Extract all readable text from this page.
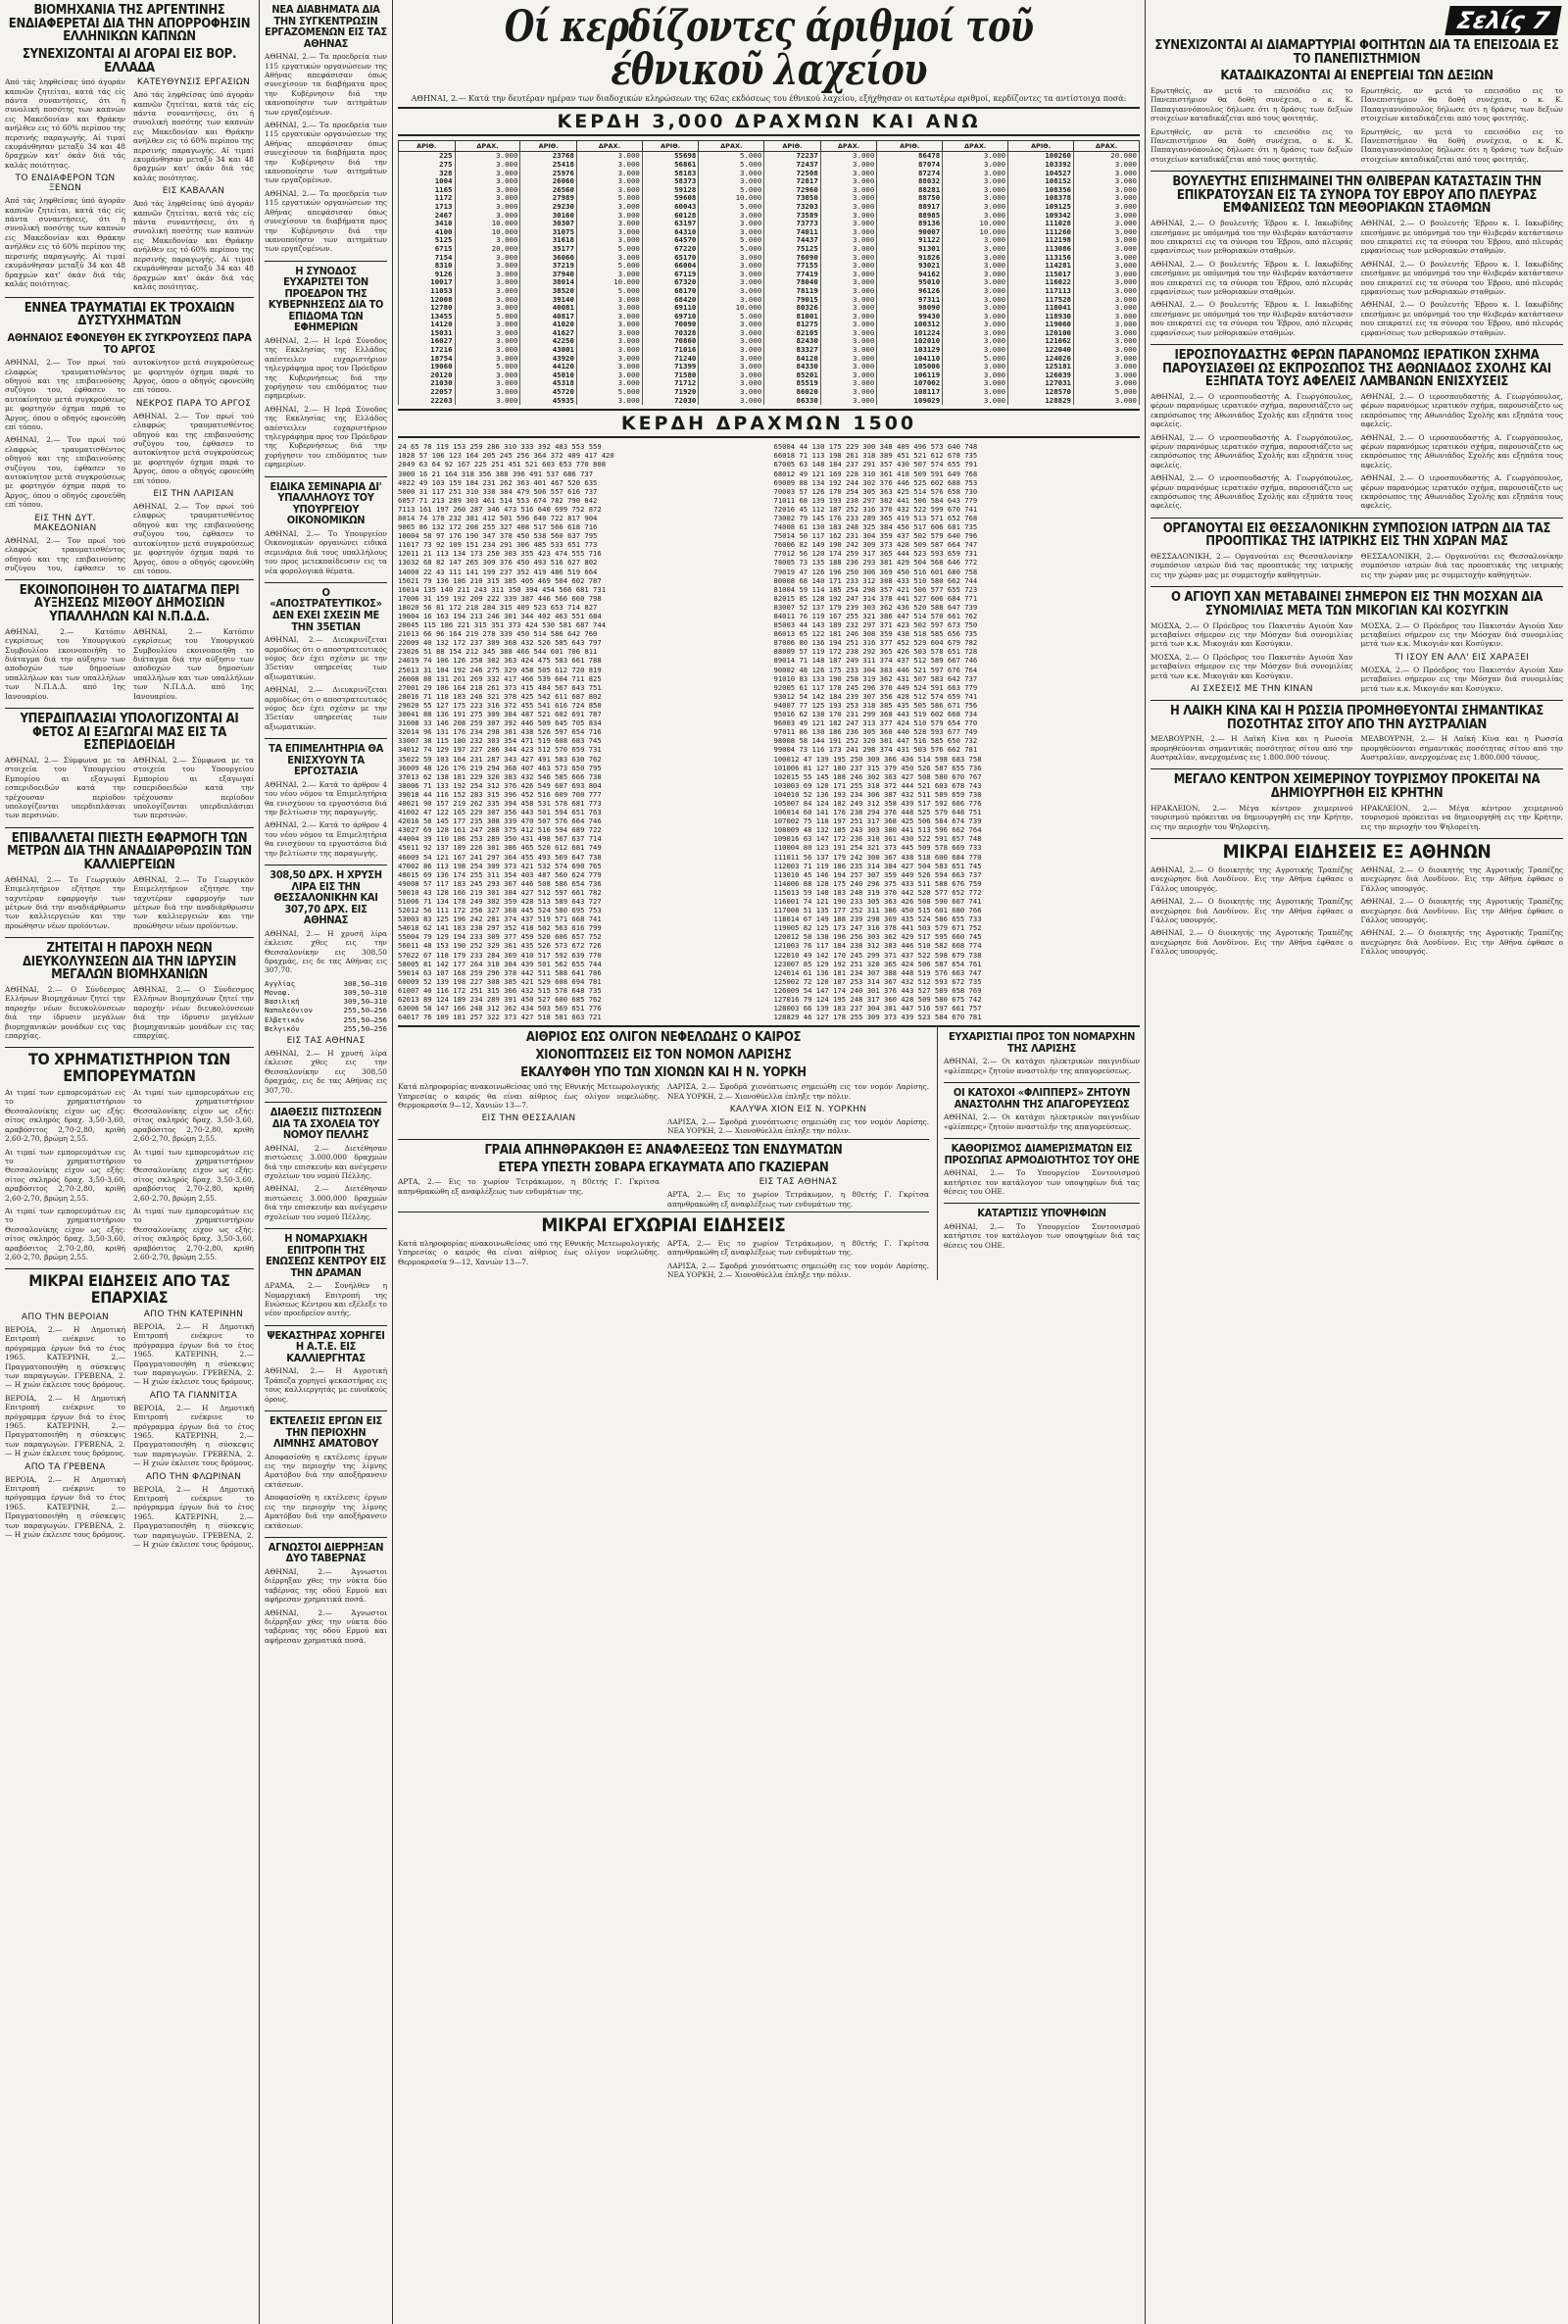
ΒΙΟΜΗΧΑΝΙΑ ΤΗΣ ΑΡΓΕΝΤΙΝΗΣ ΕΝΔΙΑΦΕΡΕΤΑΙ ΔΙΑ ΤΗΝ ΑΠΟΡΡΟΦΗΣΙΝ ΕΛΛΗΝΙΚΩΝ ΚΑΠΝΩΝ
ΣΥΝΕΧΙΖΟΝΤΑΙ ΑΙ ΑΓΟΡΑΙ ΕΙΣ ΒΟΡ. ΕΛΛΑΔΑ

Από τάς ληφθείσας ύπό άγοράν καπνῶν ζητείται, κατά τάς είς πάντα συναντήσεις, ότι ή συνολική ποσότης των καπνών εις Μακεδονίαν και Θράκην ανήλθεν εις τό 60% περίπου της περσινής παραγωγής. Αί τιμαί εκυμάνθησαν μεταξύ 34 και 48 δραχμών κατ' όκάν διά τάς καλάς ποιότητας.

ΤΟ ΕΝΔΙΑΦΕΡΟΝ ΤΩΝ ΞΕΝΩΝ

Από τάς ληφθείσας ύπό άγοράν καπνῶν ζητείται, κατά τάς είς πάντα συναντήσεις, ότι ή συνολική ποσότης των καπνών εις Μακεδονίαν και Θράκην ανήλθεν εις τό 60% περίπου της περσινής παραγωγής. Αί τιμαί εκυμάνθησαν μεταξύ 34 και 48 δραχμών κατ' όκάν διά τάς καλάς ποιότητας.

ΚΑΤΕΥΘΥΝΣΙΣ ΕΡΓΑΣΙΩΝ

Από τάς ληφθείσας ύπό άγοράν καπνῶν ζητείται, κατά τάς είς πάντα συναντήσεις, ότι ή συνολική ποσότης των καπνών εις Μακεδονίαν και Θράκην ανήλθεν εις τό 60% περίπου της περσινής παραγωγής. Αί τιμαί εκυμάνθησαν μεταξύ 34 και 48 δραχμών κατ' όκάν διά τάς καλάς ποιότητας.

ΕΙΣ ΚΑΒΑΛΑΝ

Από τάς ληφθείσας ύπό άγοράν καπνῶν ζητείται, κατά τάς είς πάντα συναντήσεις, ότι ή συνολική ποσότης των καπνών εις Μακεδονίαν και Θράκην ανήλθεν εις τό 60% περίπου της περσινής παραγωγής. Αί τιμαί εκυμάνθησαν μεταξύ 34 και 48 δραχμών κατ' όκάν διά τάς καλάς ποιότητας.

ΕΝΝΕΑ ΤΡΑΥΜΑΤΙΑΙ ΕΚ ΤΡΟΧΑΙΩΝ ΔΥΣΤΥΧΗΜΑΤΩΝ
ΑΘΗΝΑΙΟΣ ΕΦΟΝΕΥΘΗ ΕΚ ΣΥΓΚΡΟΥΣΕΩΣ ΠΑΡΑ ΤΟ ΑΡΓΟΣ

ΑΘΗΝΑΙ, 2.— Τον πρωί τού ελαφρώς τραυματισθέντος οδηγού και της επιβαινούσης συζύγου του, έφθασεν το αυτοκίνητον μετά συγκρούσεως με φορτηγόν όχημα παρά το Άργος, όπου ο οδηγός εφονεύθη επί τόπου.

ΑΘΗΝΑΙ, 2.— Τον πρωί τού ελαφρώς τραυματισθέντος οδηγού και της επιβαινούσης συζύγου του, έφθασεν το αυτοκίνητον μετά συγκρούσεως με φορτηγόν όχημα παρά το Άργος, όπου ο οδηγός εφονεύθη επί τόπου.

ΕΙΣ ΤΗΝ ΔΥΤ. ΜΑΚΕΔΟΝΙΑΝ

ΑΘΗΝΑΙ, 2.— Τον πρωί τού ελαφρώς τραυματισθέντος οδηγού και της επιβαινούσης συζύγου του, έφθασεν το αυτοκίνητον μετά συγκρούσεως με φορτηγόν όχημα παρά το Άργος, όπου ο οδηγός εφονεύθη επί τόπου.

ΝΕΚΡΟΣ ΠΑΡΑ ΤΟ ΑΡΓΟΣ

ΑΘΗΝΑΙ, 2.— Τον πρωί τού ελαφρώς τραυματισθέντος οδηγού και της επιβαινούσης συζύγου του, έφθασεν το αυτοκίνητον μετά συγκρούσεως με φορτηγόν όχημα παρά το Άργος, όπου ο οδηγός εφονεύθη επί τόπου.

ΕΙΣ ΤΗΝ ΛΑΡΙΣΑΝ

ΑΘΗΝΑΙ, 2.— Τον πρωί τού ελαφρώς τραυματισθέντος οδηγού και της επιβαινούσης συζύγου του, έφθασεν το αυτοκίνητον μετά συγκρούσεως με φορτηγόν όχημα παρά το Άργος, όπου ο οδηγός εφονεύθη επί τόπου.

ΕΚΟΙΝΟΠΟΙΗΘΗ ΤΟ ΔΙΑΤΑΓΜΑ ΠΕΡΙ ΑΥΞΗΣΕΩΣ ΜΙΣΘΟΥ ΔΗΜΟΣΙΩΝ ΥΠΑΛΛΗΛΩΝ ΚΑΙ Ν.Π.Δ.Δ.

ΑΘΗΝΑΙ, 2.— Κατόπιν εγκρίσεως του Υπουργικού Συμβουλίου εκοινοποιήθη το διάταγμα διά την αύξησιν των αποδοχών των δημοσίων υπαλλήλων και των υπαλλήλων των Ν.Π.Δ.Δ. από 1ης Ιανουαρίου.

ΑΘΗΝΑΙ, 2.— Κατόπιν εγκρίσεως του Υπουργικού Συμβουλίου εκοινοποιήθη το διάταγμα διά την αύξησιν των αποδοχών των δημοσίων υπαλλήλων και των υπαλλήλων των Ν.Π.Δ.Δ. από 1ης Ιανουαρίου.

ΥΠΕΡΔΙΠΛΑΣΙΑΙ ΥΠΟΛΟΓΙΖΟΝΤΑΙ ΑΙ ΦΕΤΟΣ ΑΙ ΕΞΑΓΩΓΑΙ ΜΑΣ ΕΙΣ ΤΑ ΕΣΠΕΡΙΔΟΕΙΔΗ

ΑΘΗΝΑΙ, 2.— Σύμφωνα με τα στοιχεία του Υπουργείου Εμπορίου αι εξαγωγαί εσπεριδοειδών κατά την τρέχουσαν περίοδον υπολογίζονται υπερδιπλάσιαι των περσινών.

ΑΘΗΝΑΙ, 2.— Σύμφωνα με τα στοιχεία του Υπουργείου Εμπορίου αι εξαγωγαί εσπεριδοειδών κατά την τρέχουσαν περίοδον υπολογίζονται υπερδιπλάσιαι των περσινών.

ΕΠΙΒΑΛΛΕΤΑΙ ΠΙΕΣΤΗ ΕΦΑΡΜΟΓΗ ΤΩΝ ΜΕΤΡΩΝ ΔΙΑ ΤΗΝ ΑΝΑΔΙΑΡΘΡΩΣΙΝ ΤΩΝ ΚΑΛΛΙΕΡΓΕΙΩΝ

ΑΘΗΝΑΙ, 2.— Το Γεωργικόν Επιμελητήριον εζήτησε την ταχυτέραν εφαρμογήν των μέτρων διά την αναδιάρθρωσιν των καλλιεργειών και την προώθησιν νέων προϊόντων.

ΑΘΗΝΑΙ, 2.— Το Γεωργικόν Επιμελητήριον εζήτησε την ταχυτέραν εφαρμογήν των μέτρων διά την αναδιάρθρωσιν των καλλιεργειών και την προώθησιν νέων προϊόντων.

ΖΗΤΕΙΤΑΙ Η ΠΑΡΟΧΗ ΝΕΩΝ ΔΙΕΥΚΟΛΥΝΣΕΩΝ ΔΙΑ ΤΗΝ ΙΔΡΥΣΙΝ ΜΕΓΑΛΩΝ ΒΙΟΜΗΧΑΝΙΩΝ

ΑΘΗΝΑΙ, 2.— Ο Σύνδεσμος Ελλήνων Βιομηχάνων ζητεί την παροχήν νέων διευκολύνσεων διά την ίδρυσιν μεγάλων βιομηχανικών μονάδων εις τας επαρχίας.

ΑΘΗΝΑΙ, 2.— Ο Σύνδεσμος Ελλήνων Βιομηχάνων ζητεί την παροχήν νέων διευκολύνσεων διά την ίδρυσιν μεγάλων βιομηχανικών μονάδων εις τας επαρχίας.

ΤΟ ΧΡΗΜΑΤΙΣΤΗΡΙΟΝ ΤΩΝ ΕΜΠΟΡΕΥΜΑΤΩΝ

Αι τιμαί των εμπορευμάτων εις το χρηματιστήριον Θεσσαλονίκης είχον ως εξής: σίτος σκληρός δραχ. 3,50-3,60, αραβόσιτος 2,70-2,80, κριθή 2,60-2,70, βρώμη 2,55.

Αι τιμαί των εμπορευμάτων εις το χρηματιστήριον Θεσσαλονίκης είχον ως εξής: σίτος σκληρός δραχ. 3,50-3,60, αραβόσιτος 2,70-2,80, κριθή 2,60-2,70, βρώμη 2,55.

Αι τιμαί των εμπορευμάτων εις το χρηματιστήριον Θεσσαλονίκης είχον ως εξής: σίτος σκληρός δραχ. 3,50-3,60, αραβόσιτος 2,70-2,80, κριθή 2,60-2,70, βρώμη 2,55.

Αι τιμαί των εμπορευμάτων εις το χρηματιστήριον Θεσσαλονίκης είχον ως εξής: σίτος σκληρός δραχ. 3,50-3,60, αραβόσιτος 2,70-2,80, κριθή 2,60-2,70, βρώμη 2,55.

Αι τιμαί των εμπορευμάτων εις το χρηματιστήριον Θεσσαλονίκης είχον ως εξής: σίτος σκληρός δραχ. 3,50-3,60, αραβόσιτος 2,70-2,80, κριθή 2,60-2,70, βρώμη 2,55.

Αι τιμαί των εμπορευμάτων εις το χρηματιστήριον Θεσσαλονίκης είχον ως εξής: σίτος σκληρός δραχ. 3,50-3,60, αραβόσιτος 2,70-2,80, κριθή 2,60-2,70, βρώμη 2,55.

ΜΙΚΡΑΙ ΕΙΔΗΣΕΙΣ ΑΠΟ ΤΑΣ ΕΠΑΡΧΙΑΣ
ΑΠΟ ΤΗΝ ΒΕΡΟΙΑΝ

ΒΕΡΟΙΑ, 2.— Η Δημοτική Επιτροπή ενέκρινε το πρόγραμμα έργων διά το έτος 1965. ΚΑΤΕΡΙΝΗ, 2.— Πραγματοποιήθη η σύσκεψις των παραγωγών. ΓΡΕΒΕΝΑ, 2.— Η χιών έκλεισε τους δρόμους.

ΒΕΡΟΙΑ, 2.— Η Δημοτική Επιτροπή ενέκρινε το πρόγραμμα έργων διά το έτος 1965. ΚΑΤΕΡΙΝΗ, 2.— Πραγματοποιήθη η σύσκεψις των παραγωγών. ΓΡΕΒΕΝΑ, 2.— Η χιών έκλεισε τους δρόμους.

ΑΠΟ ΤΑ ΓΡΕΒΕΝΑ

ΒΕΡΟΙΑ, 2.— Η Δημοτική Επιτροπή ενέκρινε το πρόγραμμα έργων διά το έτος 1965. ΚΑΤΕΡΙΝΗ, 2.— Πραγματοποιήθη η σύσκεψις των παραγωγών. ΓΡΕΒΕΝΑ, 2.— Η χιών έκλεισε τους δρόμους.

ΑΠΟ ΤΗΝ ΚΑΤΕΡΙΝΗΝ

ΒΕΡΟΙΑ, 2.— Η Δημοτική Επιτροπή ενέκρινε το πρόγραμμα έργων διά το έτος 1965. ΚΑΤΕΡΙΝΗ, 2.— Πραγματοποιήθη η σύσκεψις των παραγωγών. ΓΡΕΒΕΝΑ, 2.— Η χιών έκλεισε τους δρόμους.

ΑΠΟ ΤΑ ΓΙΑΝΝΙΤΣΑ

ΒΕΡΟΙΑ, 2.— Η Δημοτική Επιτροπή ενέκρινε το πρόγραμμα έργων διά το έτος 1965. ΚΑΤΕΡΙΝΗ, 2.— Πραγματοποιήθη η σύσκεψις των παραγωγών. ΓΡΕΒΕΝΑ, 2.— Η χιών έκλεισε τους δρόμους.

ΑΠΟ ΤΗΝ ΦΛΩΡΙΝΑΝ

ΒΕΡΟΙΑ, 2.— Η Δημοτική Επιτροπή ενέκρινε το πρόγραμμα έργων διά το έτος 1965. ΚΑΤΕΡΙΝΗ, 2.— Πραγματοποιήθη η σύσκεψις των παραγωγών. ΓΡΕΒΕΝΑ, 2.— Η χιών έκλεισε τους δρόμους.

ΝΕΑ ΔΙΑΒΗΜΑΤΑ ΔΙΑ ΤΗΝ ΣΥΓΚΕΝΤΡΩΣΙΝ ΕΡΓΑΖΟΜΕΝΩΝ ΕΙΣ ΤΑΣ ΑΘΗΝΑΣ

ΑΘΗΝΑΙ, 2.— Τα προεδρεία των 115 εργατικών οργανώσεων της Αθήνας απεφάσισαν όπως συνεχίσουν τα διαβήματα προς την Κυβέρνησιν διά την ικανοποίησιν των αιτημάτων των εργαζομένων.

ΑΘΗΝΑΙ, 2.— Τα προεδρεία των 115 εργατικών οργανώσεων της Αθήνας απεφάσισαν όπως συνεχίσουν τα διαβήματα προς την Κυβέρνησιν διά την ικανοποίησιν των αιτημάτων των εργαζομένων.

ΑΘΗΝΑΙ, 2.— Τα προεδρεία των 115 εργατικών οργανώσεων της Αθήνας απεφάσισαν όπως συνεχίσουν τα διαβήματα προς την Κυβέρνησιν διά την ικανοποίησιν των αιτημάτων των εργαζομένων.

Η ΣΥΝΟΔΟΣ ΕΥΧΑΡΙΣΤΕΙ ΤΟΝ ΠΡΟΕΔΡΟΝ ΤΗΣ ΚΥΒΕΡΝΗΣΕΩΣ ΔΙΑ ΤΟ ΕΠΙΔΟΜΑ ΤΩΝ ΕΦΗΜΕΡΙΩΝ

ΑΘΗΝΑΙ, 2.— Η Ιερά Σύνοδος της Εκκλησίας της Ελλάδος απέστειλεν ευχαριστήριον τηλεγράφημα προς τον Πρόεδρον της Κυβερνήσεως διά την χορήγησιν του επιδόματος των εφημερίων.

ΑΘΗΝΑΙ, 2.— Η Ιερά Σύνοδος της Εκκλησίας της Ελλάδος απέστειλεν ευχαριστήριον τηλεγράφημα προς τον Πρόεδρον της Κυβερνήσεως διά την χορήγησιν του επιδόματος των εφημερίων.

ΕΙΔΙΚΑ ΣΕΜΙΝΑΡΙΑ ΔΙ' ΥΠΑΛΛΗΛΟΥΣ ΤΟΥ ΥΠΟΥΡΓΕΙΟΥ ΟΙΚΟΝΟΜΙΚΩΝ

ΑΘΗΝΑΙ, 2.— Το Υπουργείον Οικονομικών οργανώνει ειδικά σεμινάρια διά τους υπαλλήλους του προς μετεκπαίδευσιν εις τα νέα φορολογικά θέματα.

Ο «ΑΠΟΣΤΡΑΤΕΥΤΙΚΟΣ» ΔΕΝ ΕΧΕΙ ΣΧΕΣΙΝ ΜΕ ΤΗΝ 35ΕΤΙΑΝ

ΑΘΗΝΑΙ, 2.— Διευκρινίζεται αρμοδίως ότι ο αποστρατευτικός νόμος δεν έχει σχέσιν με την 35ετίαν υπηρεσίας των αξιωματικών.

ΑΘΗΝΑΙ, 2.— Διευκρινίζεται αρμοδίως ότι ο αποστρατευτικός νόμος δεν έχει σχέσιν με την 35ετίαν υπηρεσίας των αξιωματικών.

ΤΑ ΕΠΙΜΕΛΗΤΗΡΙΑ ΘΑ ΕΝΙΣΧΥΟΥΝ ΤΑ ΕΡΓΟΣΤΑΣΙΑ

ΑΘΗΝΑΙ, 2.— Κατά το άρθρον 4 του νέου νόμου τα Επιμελητήρια θα ενισχύουν τα εργοστάσια διά την βελτίωσιν της παραγωγής.

ΑΘΗΝΑΙ, 2.— Κατά το άρθρον 4 του νέου νόμου τα Επιμελητήρια θα ενισχύουν τα εργοστάσια διά την βελτίωσιν της παραγωγής.

308,50 ΔΡΧ. Η ΧΡΥΣΗ ΛΙΡΑ ΕΙΣ ΤΗΝ ΘΕΣΣΑΛΟΝΙΚΗΝ ΚΑΙ 307,70 ΔΡΧ. ΕΙΣ ΑΘΗΝΑΣ

ΑΘΗΝΑΙ, 2.— Η χρυσή λίρα έκλεισε χθες εις την Θεσσαλονίκην εις 308,50 δραχμάς, εις δε τας Αθήνας εις 307,70.

Αγγλίας	308,50—310
Μονοφ.	309,50—310
Βασιλική	309,50—310
Ναπολεόνιον	255,50—256
Ελβετικόν	255,50—256
Βελγικόν	255,50—256
ΕΙΣ ΤΑΣ ΑΘΗΝΑΣ

ΑΘΗΝΑΙ, 2.— Η χρυσή λίρα έκλεισε χθες εις την Θεσσαλονίκην εις 308,50 δραχμάς, εις δε τας Αθήνας εις 307,70.

ΔΙΑΘΕΣΙΣ ΠΙΣΤΩΣΕΩΝ ΔΙΑ ΤΑ ΣΧΟΛΕΙΑ ΤΟΥ ΝΟΜΟΥ ΠΕΛΛΗΣ

ΑΘΗΝΑΙ, 2.— Διετέθησαν πιστώσεις 3.000.000 δραχμών διά την επισκευήν και ανέγερσιν σχολείων του νομού Πέλλης.

ΑΘΗΝΑΙ, 2.— Διετέθησαν πιστώσεις 3.000.000 δραχμών διά την επισκευήν και ανέγερσιν σχολείων του νομού Πέλλης.

Η ΝΟΜΑΡΧΙΑΚΗ ΕΠΙΤΡΟΠΗ ΤΗΣ ΕΝΩΣΕΩΣ ΚΕΝΤΡΟΥ ΕΙΣ ΤΗΝ ΔΡΑΜΑΝ

ΔΡΑΜΑ, 2.— Συνήλθεν η Νομαρχιακή Επιτροπή της Ενώσεως Κέντρου και εξέλεξε το νέον προεδρείον αυτής.

ΨΕΚΑΣΤΗΡΑΣ ΧΟΡΗΓΕΙ Η Α.Τ.Ε. ΕΙΣ ΚΑΛΛΙΕΡΓΗΤΑΣ

ΑΘΗΝΑΙ, 2.— Η Αγροτική Τράπεζα χορηγεί ψεκαστήρας εις τους καλλιεργητάς με ευνοϊκούς όρους.

ΕΚΤΕΛΕΣΙΣ ΕΡΓΩΝ ΕΙΣ ΤΗΝ ΠΕΡΙΟΧΗΝ ΛΙΜΝΗΣ ΑΜΑΤΟΒΟΥ

Αποφασίσθη η εκτέλεσις έργων εις την περιοχήν της λίμνης Αματόβου διά την αποξήρανσιν εκτάσεων.

Αποφασίσθη η εκτέλεσις έργων εις την περιοχήν της λίμνης Αματόβου διά την αποξήρανσιν εκτάσεων.

ΑΓΝΩΣΤΟΙ ΔΙΕΡΡΗΞΑΝ ΔΥΟ ΤΑΒΕΡΝΑΣ

ΑΘΗΝΑΙ, 2.— Άγνωστοι διέρρηξαν χθες την νύκτα δύο ταβέρνας της οδού Ερμού και αφήρεσαν χρηματικά ποσά.

ΑΘΗΝΑΙ, 2.— Άγνωστοι διέρρηξαν χθες την νύκτα δύο ταβέρνας της οδού Ερμού και αφήρεσαν χρηματικά ποσά.

Οί κερδίζοντες άριθμοί τοῦ έθνικοῦ λαχείου

ΑΘΗΝΑΙ, 2.— Κατά την δευτέραν ημέραν των διαδοχικών κληρώσεων της 62ας εκδόσεως του έθνικού λαχείου, εξήχθησαν οι κατωτέρω αριθμοί, κερδίζοντες τα αντίστοιχα ποσά:

ΚΕΡΔΗ 3,000 ΔΡΑΧΜΩΝ ΚΑΙ ΑΝΩ
ΑΡΙΘ.	ΔΡΑΧ.	ΑΡΙΘ.	ΔΡΑΧ.	ΑΡΙΘ.	ΔΡΑΧ.	ΑΡΙΘ.	ΔΡΑΧ.	ΑΡΙΘ.	ΔΡΑΧ.	ΑΡΙΘ.	ΔΡΑΧ.
225	3.000	23768	3.000	55698	5.000	72237	3.000	86478	3.000	100260	20.000
275	3.000	25418	3.000	56861	5.000	72437	3.000	87074	3.000	103392	3.000
328	3.000	25976	3.000	58183	3.000	72508	3.000	87274	3.000	104527	3.000
1004	3.000	26060	3.000	58373	3.000	72817	3.000	88032	3.000	108152	3.000
1165	3.000	26560	3.000	59128	5.000	72960	3.000	88281	3.000	108356	3.000
1172	3.000	27989	5.000	59608	10.000	73050	3.000	88750	3.000	108378	3.000
1713	3.000	29230	3.000	60043	5.000	73203	3.000	88917	3.000	109125	3.000
2467	3.000	30160	3.000	60128	3.000	73589	3.000	88985	3.000	109342	3.000
3410	10.000	30307	3.000	63197	3.000	73773	3.000	89136	10.000	111028	3.000
4100	10.000	31075	3.000	64310	3.000	74011	3.000	90007	10.000	111260	3.000
5125	3.000	31618	3.000	64570	5.000	74437	3.000	91122	3.000	112198	3.000
6715	20.000	35177	5.000	67220	5.000	75125	3.000	91301	3.000	113086	3.000
7154	3.000	36060	3.000	65170	3.000	76090	3.000	91826	3.000	113156	3.000
8310	3.000	37219	5.000	66004	3.000	77155	3.000	93021	3.000	114281	3.000
9126	3.000	37940	3.000	67119	3.000	77419	3.000	94162	3.000	115017	3.000
10017	3.000	38014	10.000	67320	3.000	78040	3.000	95010	3.000	116022	3.000
11053	3.000	38520	5.000	68170	3.000	78119	3.000	96126	3.000	117113	3.000
12008	3.000	39140	3.000	68420	3.000	79015	3.000	97311	3.000	117528	3.000
12780	3.000	40081	3.000	69110	10.000	80326	3.000	98090	3.000	118041	3.000
13455	5.000	40817	3.000	69710	5.000	81001	3.000	99430	3.000	118930	3.000
14120	3.000	41020	3.000	70090	3.000	81275	3.000	100312	3.000	119060	3.000
15031	3.000	41627	3.000	70328	3.000	82105	3.000	101224	3.000	120100	3.000
16027	3.000	42250	3.000	70860	3.000	82430	3.000	102010	3.000	121062	3.000
17216	3.000	43001	3.000	71016	3.000	83327	3.000	103129	3.000	122040	3.000
18754	3.000	43920	3.000	71240	3.000	84120	3.000	104110	5.000	124026	3.000
19060	5.000	44120	3.000	71399	3.000	84330	3.000	105006	3.000	125181	3.000
20120	3.000	45010	3.000	71580	3.000	85201	3.000	106119	3.000	126039	3.000
21030	3.000	45318	3.000	71712	3.000	85519	3.000	107002	3.000	127031	3.000
22057	3.000	45720	5.000	71920	3.000	86020	3.000	108117	3.000	128570	5.000
22203	3.000	45935	3.000	72030	3.000	86330	3.000	109029	3.000	128829	3.000
ΚΕΡΔΗ ΔΡΑΧΜΩΝ 1500
24 65 78 119 153 259 286 310 333 392 483 553 559
1028 57 106 123 164 205 245 256 364 372 409 417 420
2049 63 64 92 167 225 251 451 521 603 653 770 808
3000 16 21 164 318 356 388 396 491 537 686 737
4022 49 103 159 184 231 262 363 401 467 520 635
5000 31 117 251 310 338 384 479 506 557 616 737
6057 71 213 289 303 461 514 553 674 782 790 842
7113 161 197 260 287 346 473 516 640 699 752 872
8014 74 170 232 381 412 501 596 640 722 817 904
9065 86 132 172 208 255 327 408 517 566 618 716
10004 58 97 176 190 347 378 450 538 560 637 795
11017 73 92 109 151 234 291 306 485 533 651 773
12011 21 113 134 173 250 303 355 423 474 555 716
13032 68 82 147 265 309 376 450 493 516 627 802
14000 22 43 111 141 199 237 352 419 486 519 664
15021 79 136 186 210 315 385 405 469 504 602 787
16014 135 140 211 243 311 350 394 454 566 681 731
17006 31 159 192 209 222 339 387 446 566 660 798
18020 56 81 172 218 284 315 409 523 653 714 827
19004 16 163 194 213 246 301 344 402 463 551 684
20045 115 186 221 315 351 373 424 530 581 687 744
21013 66 96 164 219 278 339 450 514 586 642 760
22009 40 132 172 237 309 368 432 526 585 643 797
23026 51 88 154 212 345 388 466 544 601 706 811
24019 74 106 126 258 302 363 424 475 583 661 788
25013 31 104 192 246 275 329 458 505 612 720 819
26008 88 131 201 269 332 417 466 539 604 711 825
27001 29 106 164 218 261 373 415 484 567 643 751
28016 71 118 183 246 321 378 425 542 611 687 802
29020 55 127 175 223 316 372 455 541 616 724 850
30041 88 136 191 275 309 384 487 521 602 691 787
31008 33 146 208 259 307 392 446 509 645 705 834
32014 96 131 176 234 298 381 438 526 597 654 716
33007 38 115 180 232 303 354 471 519 608 683 745
34012 74 129 197 227 286 344 423 512 570 659 731
35022 59 103 164 231 287 343 427 491 583 630 762
36009 48 126 176 219 294 368 407 463 573 650 795
37013 62 138 181 229 320 383 432 546 585 666 738
38006 71 133 192 254 312 376 426 549 607 693 804
39018 44 116 152 283 315 396 452 516 609 700 777
40021 90 157 219 262 335 394 458 531 578 681 773
41002 47 122 165 229 307 356 443 501 594 651 763
42016 58 145 177 235 308 339 470 507 576 664 746
43027 69 128 161 247 288 375 412 516 594 689 722
44004 39 110 186 253 289 350 431 498 567 637 714
45011 92 137 189 226 301 386 465 520 612 681 749
46009 54 121 167 241 297 364 455 493 569 647 738
47002 86 113 198 254 309 373 421 532 574 690 765
48015 69 136 174 255 311 354 403 487 560 624 779
49008 57 117 183 245 293 367 446 508 586 654 736
50010 43 128 166 219 301 384 427 512 597 661 782
51006 71 134 178 249 302 359 428 513 589 643 727
52012 56 111 172 256 327 368 445 524 580 695 753
53003 83 125 196 242 281 374 437 519 571 668 741
54018 62 141 183 238 297 352 418 502 563 616 799
55004 79 129 194 233 309 377 459 520 606 657 752
56011 48 153 190 252 329 361 435 526 573 672 726
57022 67 118 179 233 284 369 410 517 592 639 770
58005 81 142 177 264 318 384 439 501 562 655 744
59014 63 107 168 259 296 378 442 511 588 641 786
60009 52 139 198 227 308 385 421 529 608 694 781
61007 40 116 172 251 315 366 432 515 578 648 735
62013 89 124 189 234 289 391 450 527 600 685 762
63006 58 147 166 248 312 362 434 503 569 651 776
64017 76 109 181 257 322 373 427 518 581 663 721
65004 44 130 175 229 300 348 409 496 573 640 748
66018 71 113 198 261 318 389 451 521 612 678 735
67005 63 148 184 237 291 357 430 507 574 655 791
68012 49 121 169 228 310 361 418 509 591 649 768
69009 88 134 192 244 302 376 446 525 602 688 753
70003 57 126 170 254 305 363 425 514 576 658 730
71011 68 139 193 238 297 382 441 506 584 643 779
72016 45 112 187 252 316 370 432 522 599 670 741
73002 79 145 176 233 289 365 419 513 571 652 768
74008 61 130 183 248 325 384 456 517 606 681 735
75014 50 117 162 231 304 359 437 502 579 640 796
76006 82 149 190 242 309 373 428 509 587 664 747
77012 56 120 174 259 317 365 444 523 593 659 731
78005 73 135 188 236 293 381 429 504 568 646 772
79019 47 126 196 250 306 369 450 516 601 680 758
80008 68 140 171 233 312 388 433 510 580 662 744
81004 59 114 185 254 298 357 421 506 577 655 723
82015 85 128 192 247 314 378 441 527 606 684 771
83007 52 137 179 239 303 362 436 520 588 647 739
84011 76 119 167 255 321 386 447 514 570 661 762
85003 44 143 189 232 297 371 423 502 597 673 750
86013 65 122 181 246 308 359 438 518 585 656 735
87006 80 136 194 251 316 377 452 529 604 679 782
88009 57 119 172 238 292 365 426 503 578 651 728
89014 71 148 187 249 311 374 437 512 589 667 746
90002 48 126 175 233 304 383 446 521 597 676 764
91010 83 133 190 258 319 362 431 507 583 642 737
92005 61 117 178 245 296 370 449 524 591 663 779
93012 54 142 184 239 307 356 428 512 574 659 741
94007 77 125 193 253 318 385 435 505 586 671 756
95016 62 138 170 231 299 368 443 519 602 668 734
96003 49 121 182 247 313 377 424 510 579 654 770
97011 86 130 186 236 305 360 440 528 593 677 749
98008 58 144 191 252 320 381 447 516 585 650 732
99004 73 116 173 241 298 374 431 503 576 662 781
100012 47 139 195 250 309 366 436 514 598 683 758
101006 81 127 180 237 315 379 450 526 587 655 736
102015 55 145 188 246 302 363 427 508 580 670 767
103003 69 120 171 255 318 372 444 521 603 678 743
104010 52 136 193 234 306 387 432 511 589 659 730
105007 84 124 182 249 312 358 439 517 592 666 776
106014 60 141 176 238 294 376 448 525 579 648 751
107002 75 118 197 251 317 368 425 506 584 674 739
108009 48 132 185 243 303 380 441 513 596 662 764
109016 63 147 172 236 310 361 430 522 591 657 748
110004 80 123 191 254 321 373 445 509 578 669 733
111011 56 137 179 242 300 367 438 518 600 684 770
112003 71 119 186 235 314 384 427 504 583 651 745
113010 45 146 194 257 307 359 449 526 594 663 737
114006 88 128 175 240 296 375 433 511 588 676 759
115013 59 140 183 248 319 370 442 520 577 652 772
116001 74 121 190 233 305 363 426 508 590 667 741
117008 51 135 177 252 311 386 450 515 601 680 766
118014 67 149 188 239 298 369 435 524 586 655 733
119005 82 125 173 247 316 378 441 503 579 671 752
120012 58 138 196 256 303 362 429 517 595 660 745
121003 76 117 184 238 312 383 446 510 582 668 774
122010 49 142 170 245 299 371 437 522 598 679 738
123007 85 129 192 251 320 365 424 506 587 654 761
124014 61 136 181 234 307 388 448 519 576 663 747
125002 72 120 187 253 314 367 432 512 593 672 735
126009 54 147 174 240 301 376 443 527 589 658 769
127016 79 124 195 248 317 360 428 509 580 675 742
128003 66 139 183 237 304 381 447 516 597 661 757
128829 46 127 178 255 309 373 439 523 584 670 781
ΑΙΘΡΙΟΣ ΕΩΣ ΟΛΙΓΟΝ ΝΕΦΕΛΩΔΗΣ Ο ΚΑΙΡΟΣ
ΧΙΟΝΟΠΤΩΣΕΙΣ ΕΙΣ ΤΟΝ ΝΟΜΟΝ ΛΑΡΙΣΗΣ
ΕΚΑΛΥΦΘΗ ΥΠΟ ΤΩΝ ΧΙΟΝΩΝ ΚΑΙ Η Ν. ΥΟΡΚΗ

Κατά πληροφορίας ανακοινωθείσας υπό της Εθνικής Μετεωρολογικής Υπηρεσίας ο καιρός θα είναι αίθριος έως ολίγον νεφελώδης. Θερμοκρασία 9—12, Χανιών 13—7.

ΕΙΣ ΤΗΝ ΘΕΣΣΑΛΙΑΝ

ΛΑΡΙΣΑ, 2.— Σφοδρά χιονόπτωσις σημειώθη εις τον νομόν Λαρίσης. ΝΕΑ ΥΟΡΚΗ, 2.— Χιονοθύελλα έπληξε την πόλιν.

ΚΑΛΥΨΑ ΧΙΟΝ ΕΙΣ Ν. ΥΟΡΚΗΝ

ΛΑΡΙΣΑ, 2.— Σφοδρά χιονόπτωσις σημειώθη εις τον νομόν Λαρίσης. ΝΕΑ ΥΟΡΚΗ, 2.— Χιονοθύελλα έπληξε την πόλιν.

ΓΡΑΙΑ ΑΠΗΝΘΡΑΚΩΘΗ ΕΞ ΑΝΑΦΛΕΞΕΩΣ ΤΩΝ ΕΝΔΥΜΑΤΩΝ
ΕΤΕΡΑ ΥΠΕΣΤΗ ΣΟΒΑΡΑ ΕΓΚΑΥΜΑΤΑ ΑΠΟ ΓΚΑΖΙΕΡΑΝ

ΑΡΤΑ, 2.— Εις το χωρίον Τετράκωμον, η 80ετής Γ. Γκρίτσα απηνθρακώθη εξ αναφλέξεως των ενδυμάτων της.

ΕΙΣ ΤΑΣ ΑΘΗΝΑΣ

ΑΡΤΑ, 2.— Εις το χωρίον Τετράκωμον, η 80ετής Γ. Γκρίτσα απηνθρακώθη εξ αναφλέξεως των ενδυμάτων της.

ΜΙΚΡΑΙ ΕΓΧΩΡΙΑΙ ΕΙΔΗΣΕΙΣ

Κατά πληροφορίας ανακοινωθείσας υπό της Εθνικής Μετεωρολογικής Υπηρεσίας ο καιρός θα είναι αίθριος έως ολίγον νεφελώδης. Θερμοκρασία 9—12, Χανιών 13—7.

ΑΡΤΑ, 2.— Εις το χωρίον Τετράκωμον, η 80ετής Γ. Γκρίτσα απηνθρακώθη εξ αναφλέξεως των ενδυμάτων της.

ΛΑΡΙΣΑ, 2.— Σφοδρά χιονόπτωσις σημειώθη εις τον νομόν Λαρίσης. ΝΕΑ ΥΟΡΚΗ, 2.— Χιονοθύελλα έπληξε την πόλιν.

ΕΥΧΑΡΙΣΤΙΑΙ ΠΡΟΣ ΤΟΝ ΝΟΜΑΡΧΗΝ ΤΗΣ ΛΑΡΙΣΗΣ

ΑΘΗΝΑΙ, 2.— Οι κατάχοι ηλεκτρικών παιγνιδίων «φλίππερς» ζητούν αναστολήν της απαγορεύσεως.

ΟΙ ΚΑΤΟΧΟΙ «ΦΛΙΠΠΕΡΣ» ΖΗΤΟΥΝ ΑΝΑΣΤΟΛΗΝ ΤΗΣ ΑΠΑΓΟΡΕΥΣΕΩΣ

ΑΘΗΝΑΙ, 2.— Οι κατάχοι ηλεκτρικών παιγνιδίων «φλίππερς» ζητούν αναστολήν της απαγορεύσεως.

ΚΑΘΟΡΙΣΜΟΣ ΔΙΑΜΕΡΙΣΜΑΤΩΝ ΕΙΣ ΠΡΟΣΩΠΑΣ ΑΡΜΟΔΙΟΤΗΤΟΣ ΤΟΥ ΟΗΕ

ΑΘΗΝΑΙ, 2.— Το Υπουργείον Συντονισμού κατήρτισε τον κατάλογον των υποψηφίων διά τας θέσεις του ΟΗΕ.

ΚΑΤΑΡΤΙΣΙΣ ΥΠΟΨΗΦΙΩΝ

ΑΘΗΝΑΙ, 2.— Το Υπουργείον Συντονισμού κατήρτισε τον κατάλογον των υποψηφίων διά τας θέσεις του ΟΗΕ.

Σελίς 7
ΣΥΝΕΧΙΖΟΝΤΑΙ ΑΙ ΔΙΑΜΑΡΤΥΡΙΑΙ ΦΟΙΤΗΤΩΝ ΔΙΑ ΤΑ ΕΠΕΙΣΟΔΙΑ ΕΣ ΤΟ ΠΑΝΕΠΙΣΤΗΜΙΟΝ
ΚΑΤΑΔΙΚΑΖΟΝΤΑΙ ΑΙ ΕΝΕΡΓΕΙΑΙ ΤΩΝ ΔΕΞΙΩΝ

Ερωτηθείς, αν μετά το επεισόδιο εις το Πανεπιστήμιον θα δοθή συνέχεια, ο κ. Κ. Παπαγιαννόπουλος δήλωσε ότι η δράσις των δεξιών στοιχείων καταδικάζεται από τους φοιτητάς.

Ερωτηθείς, αν μετά το επεισόδιο εις το Πανεπιστήμιον θα δοθή συνέχεια, ο κ. Κ. Παπαγιαννόπουλος δήλωσε ότι η δράσις των δεξιών στοιχείων καταδικάζεται από τους φοιτητάς.

Ερωτηθείς, αν μετά το επεισόδιο εις το Πανεπιστήμιον θα δοθή συνέχεια, ο κ. Κ. Παπαγιαννόπουλος δήλωσε ότι η δράσις των δεξιών στοιχείων καταδικάζεται από τους φοιτητάς.

Ερωτηθείς, αν μετά το επεισόδιο εις το Πανεπιστήμιον θα δοθή συνέχεια, ο κ. Κ. Παπαγιαννόπουλος δήλωσε ότι η δράσις των δεξιών στοιχείων καταδικάζεται από τους φοιτητάς.

ΒΟΥΛΕΥΤΗΣ ΕΠΙΣΗΜΑΙΝΕΙ ΤΗΝ ΘΛΙΒΕΡΑΝ ΚΑΤΑΣΤΑΣΙΝ ΤΗΝ ΕΠΙΚΡΑΤΟΥΣΑΝ ΕΙΣ ΤΑ ΣΥΝΟΡΑ ΤΟΥ ΕΒΡΟΥ ΑΠΟ ΠΛΕΥΡΑΣ ΕΜΦΑΝΙΣΕΩΣ ΤΩΝ ΜΕΘΟΡΙΑΚΩΝ ΣΤΑΘΜΩΝ

ΑΘΗΝΑΙ, 2.— Ο βουλευτής Έβρου κ. Ι. Ιακωβίδης επεσήμανε με υπόμνημά του την θλιβεράν κατάστασιν που επικρατεί εις τα σύνορα του Έβρου, από πλευράς εμφανίσεως των μεθοριακών σταθμών.

ΑΘΗΝΑΙ, 2.— Ο βουλευτής Έβρου κ. Ι. Ιακωβίδης επεσήμανε με υπόμνημά του την θλιβεράν κατάστασιν που επικρατεί εις τα σύνορα του Έβρου, από πλευράς εμφανίσεως των μεθοριακών σταθμών.

ΑΘΗΝΑΙ, 2.— Ο βουλευτής Έβρου κ. Ι. Ιακωβίδης επεσήμανε με υπόμνημά του την θλιβεράν κατάστασιν που επικρατεί εις τα σύνορα του Έβρου, από πλευράς εμφανίσεως των μεθοριακών σταθμών.

ΑΘΗΝΑΙ, 2.— Ο βουλευτής Έβρου κ. Ι. Ιακωβίδης επεσήμανε με υπόμνημά του την θλιβεράν κατάστασιν που επικρατεί εις τα σύνορα του Έβρου, από πλευράς εμφανίσεως των μεθοριακών σταθμών.

ΑΘΗΝΑΙ, 2.— Ο βουλευτής Έβρου κ. Ι. Ιακωβίδης επεσήμανε με υπόμνημά του την θλιβεράν κατάστασιν που επικρατεί εις τα σύνορα του Έβρου, από πλευράς εμφανίσεως των μεθοριακών σταθμών.

ΑΘΗΝΑΙ, 2.— Ο βουλευτής Έβρου κ. Ι. Ιακωβίδης επεσήμανε με υπόμνημά του την θλιβεράν κατάστασιν που επικρατεί εις τα σύνορα του Έβρου, από πλευράς εμφανίσεως των μεθοριακών σταθμών.

ΙΕΡΟΣΠΟΥΔΑΣΤΗΣ ΦΕΡΩΝ ΠΑΡΑΝΟΜΩΣ ΙΕΡΑΤΙΚΟΝ ΣΧΗΜΑ ΠΑΡΟΥΣΙΑΣΘΕΙ ΩΣ ΕΚΠΡΟΣΩΠΟΣ ΤΗΣ ΑΘΩΝΙΑΔΟΣ ΣΧΟΛΗΣ ΚΑΙ ΕΞΗΠΑΤΑ ΤΟΥΣ ΑΦΕΛΕΙΣ ΛΑΜΒΑΝΩΝ ΕΝΙΣΧΥΣΕΙΣ

ΑΘΗΝΑΙ, 2.— Ο ιεροσπουδαστής Α. Γεωργόπουλος, φέρων παρανόμως ιερατικόν σχήμα, παρουσιάζετο ως εκπρόσωπος της Αθωνιάδος Σχολής και εξηπάτα τους αφελείς.

ΑΘΗΝΑΙ, 2.— Ο ιεροσπουδαστής Α. Γεωργόπουλος, φέρων παρανόμως ιερατικόν σχήμα, παρουσιάζετο ως εκπρόσωπος της Αθωνιάδος Σχολής και εξηπάτα τους αφελείς.

ΑΘΗΝΑΙ, 2.— Ο ιεροσπουδαστής Α. Γεωργόπουλος, φέρων παρανόμως ιερατικόν σχήμα, παρουσιάζετο ως εκπρόσωπος της Αθωνιάδος Σχολής και εξηπάτα τους αφελείς.

ΑΘΗΝΑΙ, 2.— Ο ιεροσπουδαστής Α. Γεωργόπουλος, φέρων παρανόμως ιερατικόν σχήμα, παρουσιάζετο ως εκπρόσωπος της Αθωνιάδος Σχολής και εξηπάτα τους αφελείς.

ΑΘΗΝΑΙ, 2.— Ο ιεροσπουδαστής Α. Γεωργόπουλος, φέρων παρανόμως ιερατικόν σχήμα, παρουσιάζετο ως εκπρόσωπος της Αθωνιάδος Σχολής και εξηπάτα τους αφελείς.

ΑΘΗΝΑΙ, 2.— Ο ιεροσπουδαστής Α. Γεωργόπουλος, φέρων παρανόμως ιερατικόν σχήμα, παρουσιάζετο ως εκπρόσωπος της Αθωνιάδος Σχολής και εξηπάτα τους αφελείς.

ΟΡΓΑΝΟΥΤΑΙ ΕΙΣ ΘΕΣΣΑΛΟΝΙΚΗΝ ΣΥΜΠΟΣΙΟΝ ΙΑΤΡΩΝ ΔΙΑ ΤΑΣ ΠΡΟΟΠΤΙΚΑΣ ΤΗΣ ΙΑΤΡΙΚΗΣ ΕΙΣ ΤΗΝ ΧΩΡΑΝ ΜΑΣ

ΘΕΣΣΑΛΟΝΙΚΗ, 2.— Οργανούται εις Θεσσαλονίκην συμπόσιον ιατρών διά τας προοπτικάς της ιατρικής εις την χώραν μας με συμμετοχήν καθηγητών.

ΘΕΣΣΑΛΟΝΙΚΗ, 2.— Οργανούται εις Θεσσαλονίκην συμπόσιον ιατρών διά τας προοπτικάς της ιατρικής εις την χώραν μας με συμμετοχήν καθηγητών.

Ο ΑΓΙΟΥΠ ΧΑΝ ΜΕΤΑΒΑΙΝΕΙ ΣΗΜΕΡΟΝ ΕΙΣ ΤΗΝ ΜΟΣΧΑΝ ΔΙΑ ΣΥΝΟΜΙΛΙΑΣ ΜΕΤΑ ΤΩΝ ΜΙΚΟΓΙΑΝ ΚΑΙ ΚΟΣΥΓΚΙΝ

ΜΟΣΧΑ, 2.— Ο Πρόεδρος του Πακιστάν Αγιούπ Χαν μεταβαίνει σήμερον εις την Μόσχαν διά συνομιλίας μετά των κ.κ. Μικογιάν και Κοσύγκιν.

ΜΟΣΧΑ, 2.— Ο Πρόεδρος του Πακιστάν Αγιούπ Χαν μεταβαίνει σήμερον εις την Μόσχαν διά συνομιλίας μετά των κ.κ. Μικογιάν και Κοσύγκιν.

ΑΙ ΣΧΕΣΕΙΣ ΜΕ ΤΗΝ ΚΙΝΑΝ

ΜΟΣΧΑ, 2.— Ο Πρόεδρος του Πακιστάν Αγιούπ Χαν μεταβαίνει σήμερον εις την Μόσχαν διά συνομιλίας μετά των κ.κ. Μικογιάν και Κοσύγκιν.

ΤΙ ΙΣΟΥ ΕΝ ΑΛΛ' ΕΙΣ ΧΑΡΑΞΕΙ

ΜΟΣΧΑ, 2.— Ο Πρόεδρος του Πακιστάν Αγιούπ Χαν μεταβαίνει σήμερον εις την Μόσχαν διά συνομιλίας μετά των κ.κ. Μικογιάν και Κοσύγκιν.

Η ΛΑΙΚΗ ΚΙΝΑ ΚΑΙ Η ΡΩΣΣΙΑ ΠΡΟΜΗΘΕΥΟΝΤΑΙ ΣΗΜΑΝΤΙΚΑΣ ΠΟΣΟΤΗΤΑΣ ΣΙΤΟΥ ΑΠΟ ΤΗΝ ΑΥΣΤΡΑΛΙΑΝ

ΜΕΛΒΟΥΡΝΗ, 2.— Η Λαϊκή Κίνα και η Ρωσσία προμηθεύονται σημαντικάς ποσότητας σίτου από την Αυστραλίαν, ανερχομένας εις 1.800.000 τόνους.

ΜΕΛΒΟΥΡΝΗ, 2.— Η Λαϊκή Κίνα και η Ρωσσία προμηθεύονται σημαντικάς ποσότητας σίτου από την Αυστραλίαν, ανερχομένας εις 1.800.000 τόνους.

ΜΕΓΑΛΟ ΚΕΝΤΡΟΝ ΧΕΙΜΕΡΙΝΟΥ ΤΟΥΡΙΣΜΟΥ ΠΡΟΚΕΙΤΑΙ ΝΑ ΔΗΜΙΟΥΡΓΗΘΗ ΕΙΣ ΚΡΗΤΗΝ

ΗΡΑΚΛΕΙΟΝ, 2.— Μέγα κέντρον χειμερινού τουρισμού πρόκειται να δημιουργηθή εις την Κρήτην, εις την περιοχήν του Ψηλορείτη.

ΗΡΑΚΛΕΙΟΝ, 2.— Μέγα κέντρον χειμερινού τουρισμού πρόκειται να δημιουργηθή εις την Κρήτην, εις την περιοχήν του Ψηλορείτη.

ΜΙΚΡΑΙ ΕΙΔΗΣΕΙΣ ΕΞ ΑΘΗΝΩΝ

ΑΘΗΝΑΙ, 2.— Ο διοικητής της Αγροτικής Τραπέζης ανεχώρησε διά Λονδίνον. Εις την Αθήνα έφθασε ο Γάλλος υπουργός.

ΑΘΗΝΑΙ, 2.— Ο διοικητής της Αγροτικής Τραπέζης ανεχώρησε διά Λονδίνον. Εις την Αθήνα έφθασε ο Γάλλος υπουργός.

ΑΘΗΝΑΙ, 2.— Ο διοικητής της Αγροτικής Τραπέζης ανεχώρησε διά Λονδίνον. Εις την Αθήνα έφθασε ο Γάλλος υπουργός.

ΑΘΗΝΑΙ, 2.— Ο διοικητής της Αγροτικής Τραπέζης ανεχώρησε διά Λονδίνον. Εις την Αθήνα έφθασε ο Γάλλος υπουργός.

ΑΘΗΝΑΙ, 2.— Ο διοικητής της Αγροτικής Τραπέζης ανεχώρησε διά Λονδίνον. Εις την Αθήνα έφθασε ο Γάλλος υπουργός.

ΑΘΗΝΑΙ, 2.— Ο διοικητής της Αγροτικής Τραπέζης ανεχώρησε διά Λονδίνον. Εις την Αθήνα έφθασε ο Γάλλος υπουργός.
